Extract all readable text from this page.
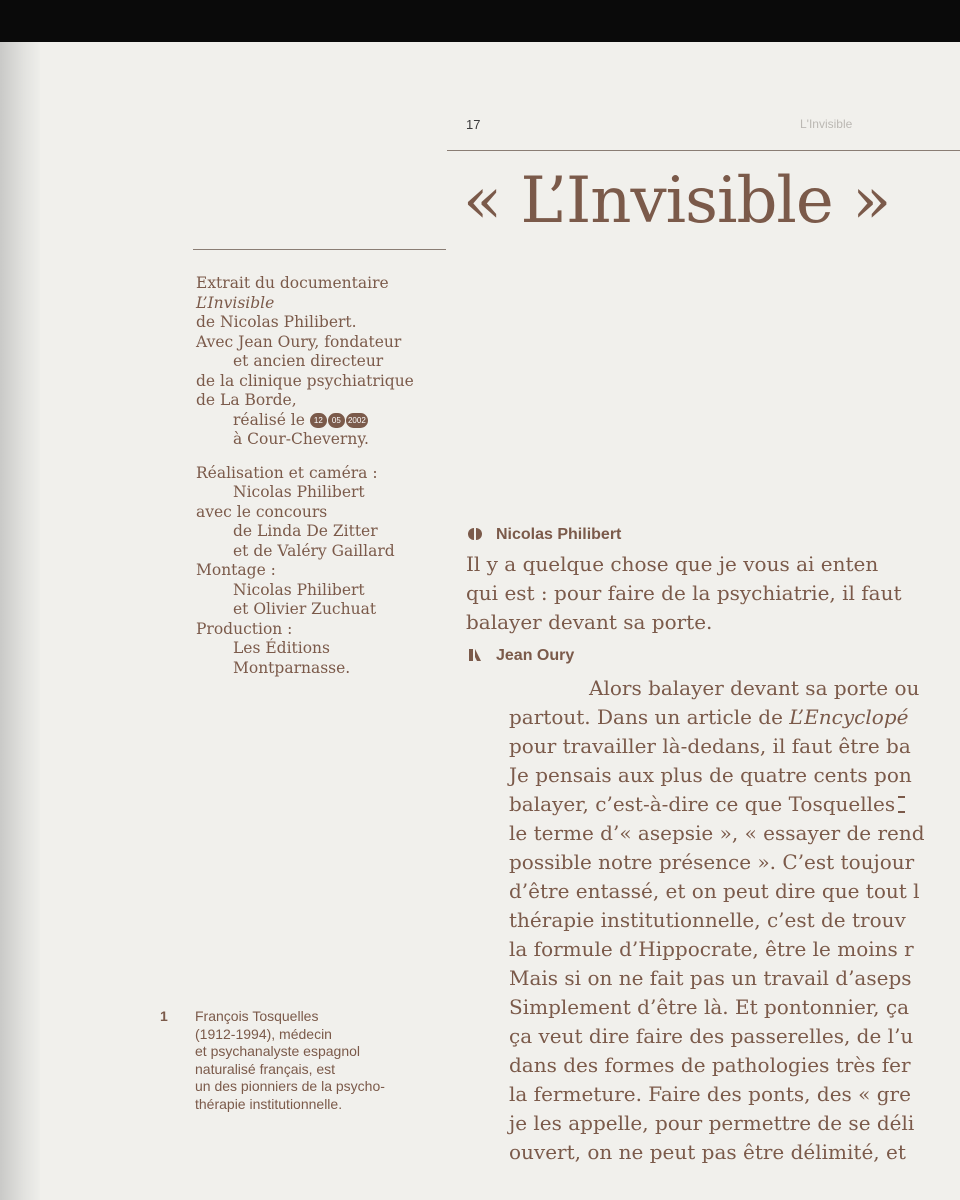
17	L'Invisible
« L’Invisible »
Extrait du documentaire
L’Invisible
de Nicolas Philibert.
Avec Jean Oury, fondateur
et ancien directeur
de la clinique psychiatrique
de La Borde,
réalisé le 12 05 2002
à Cour-Cheverny.
Réalisation et caméra :
Nicolas Philibert
avec le concours
de Linda De Zitter
et de Valéry Gaillard
Montage :
Nicolas Philibert
et Olivier Zuchuat
Production :
Les Éditions
Montparnasse.
1 François Tosquelles
(1912-1994), médecin
et psychanalyste espagnol
naturalisé français, est
un des pionniers de la psycho-
thérapie institutionnelle.
Nicolas Philibert
Il y a quelque chose que je vous ai enten
qui est : pour faire de la psychiatrie, il faut
balayer devant sa porte.
Jean Oury
Alors balayer devant sa porte ou
partout. Dans un article de L’Encyclopé
pour travailler là-dedans, il faut être ba
Je pensais aux plus de quatre cents pon
balayer, c’est-à-dire ce que Tosquelles
le terme d’« asepsie », « essayer de rend
possible notre présence ». C’est toujour
d’être entassé, et on peut dire que tout l
thérapie institutionnelle, c’est de trouv
la formule d’Hippocrate, être le moins r
Mais si on ne fait pas un travail d’aseps
Simplement d’être là. Et pontonnier, ça
ça veut dire faire des passerelles, de l’u
dans des formes de pathologies très fer
la fermeture. Faire des ponts, des « gre
je les appelle, pour permettre de se déli
ouvert, on ne peut pas être délimité, et
